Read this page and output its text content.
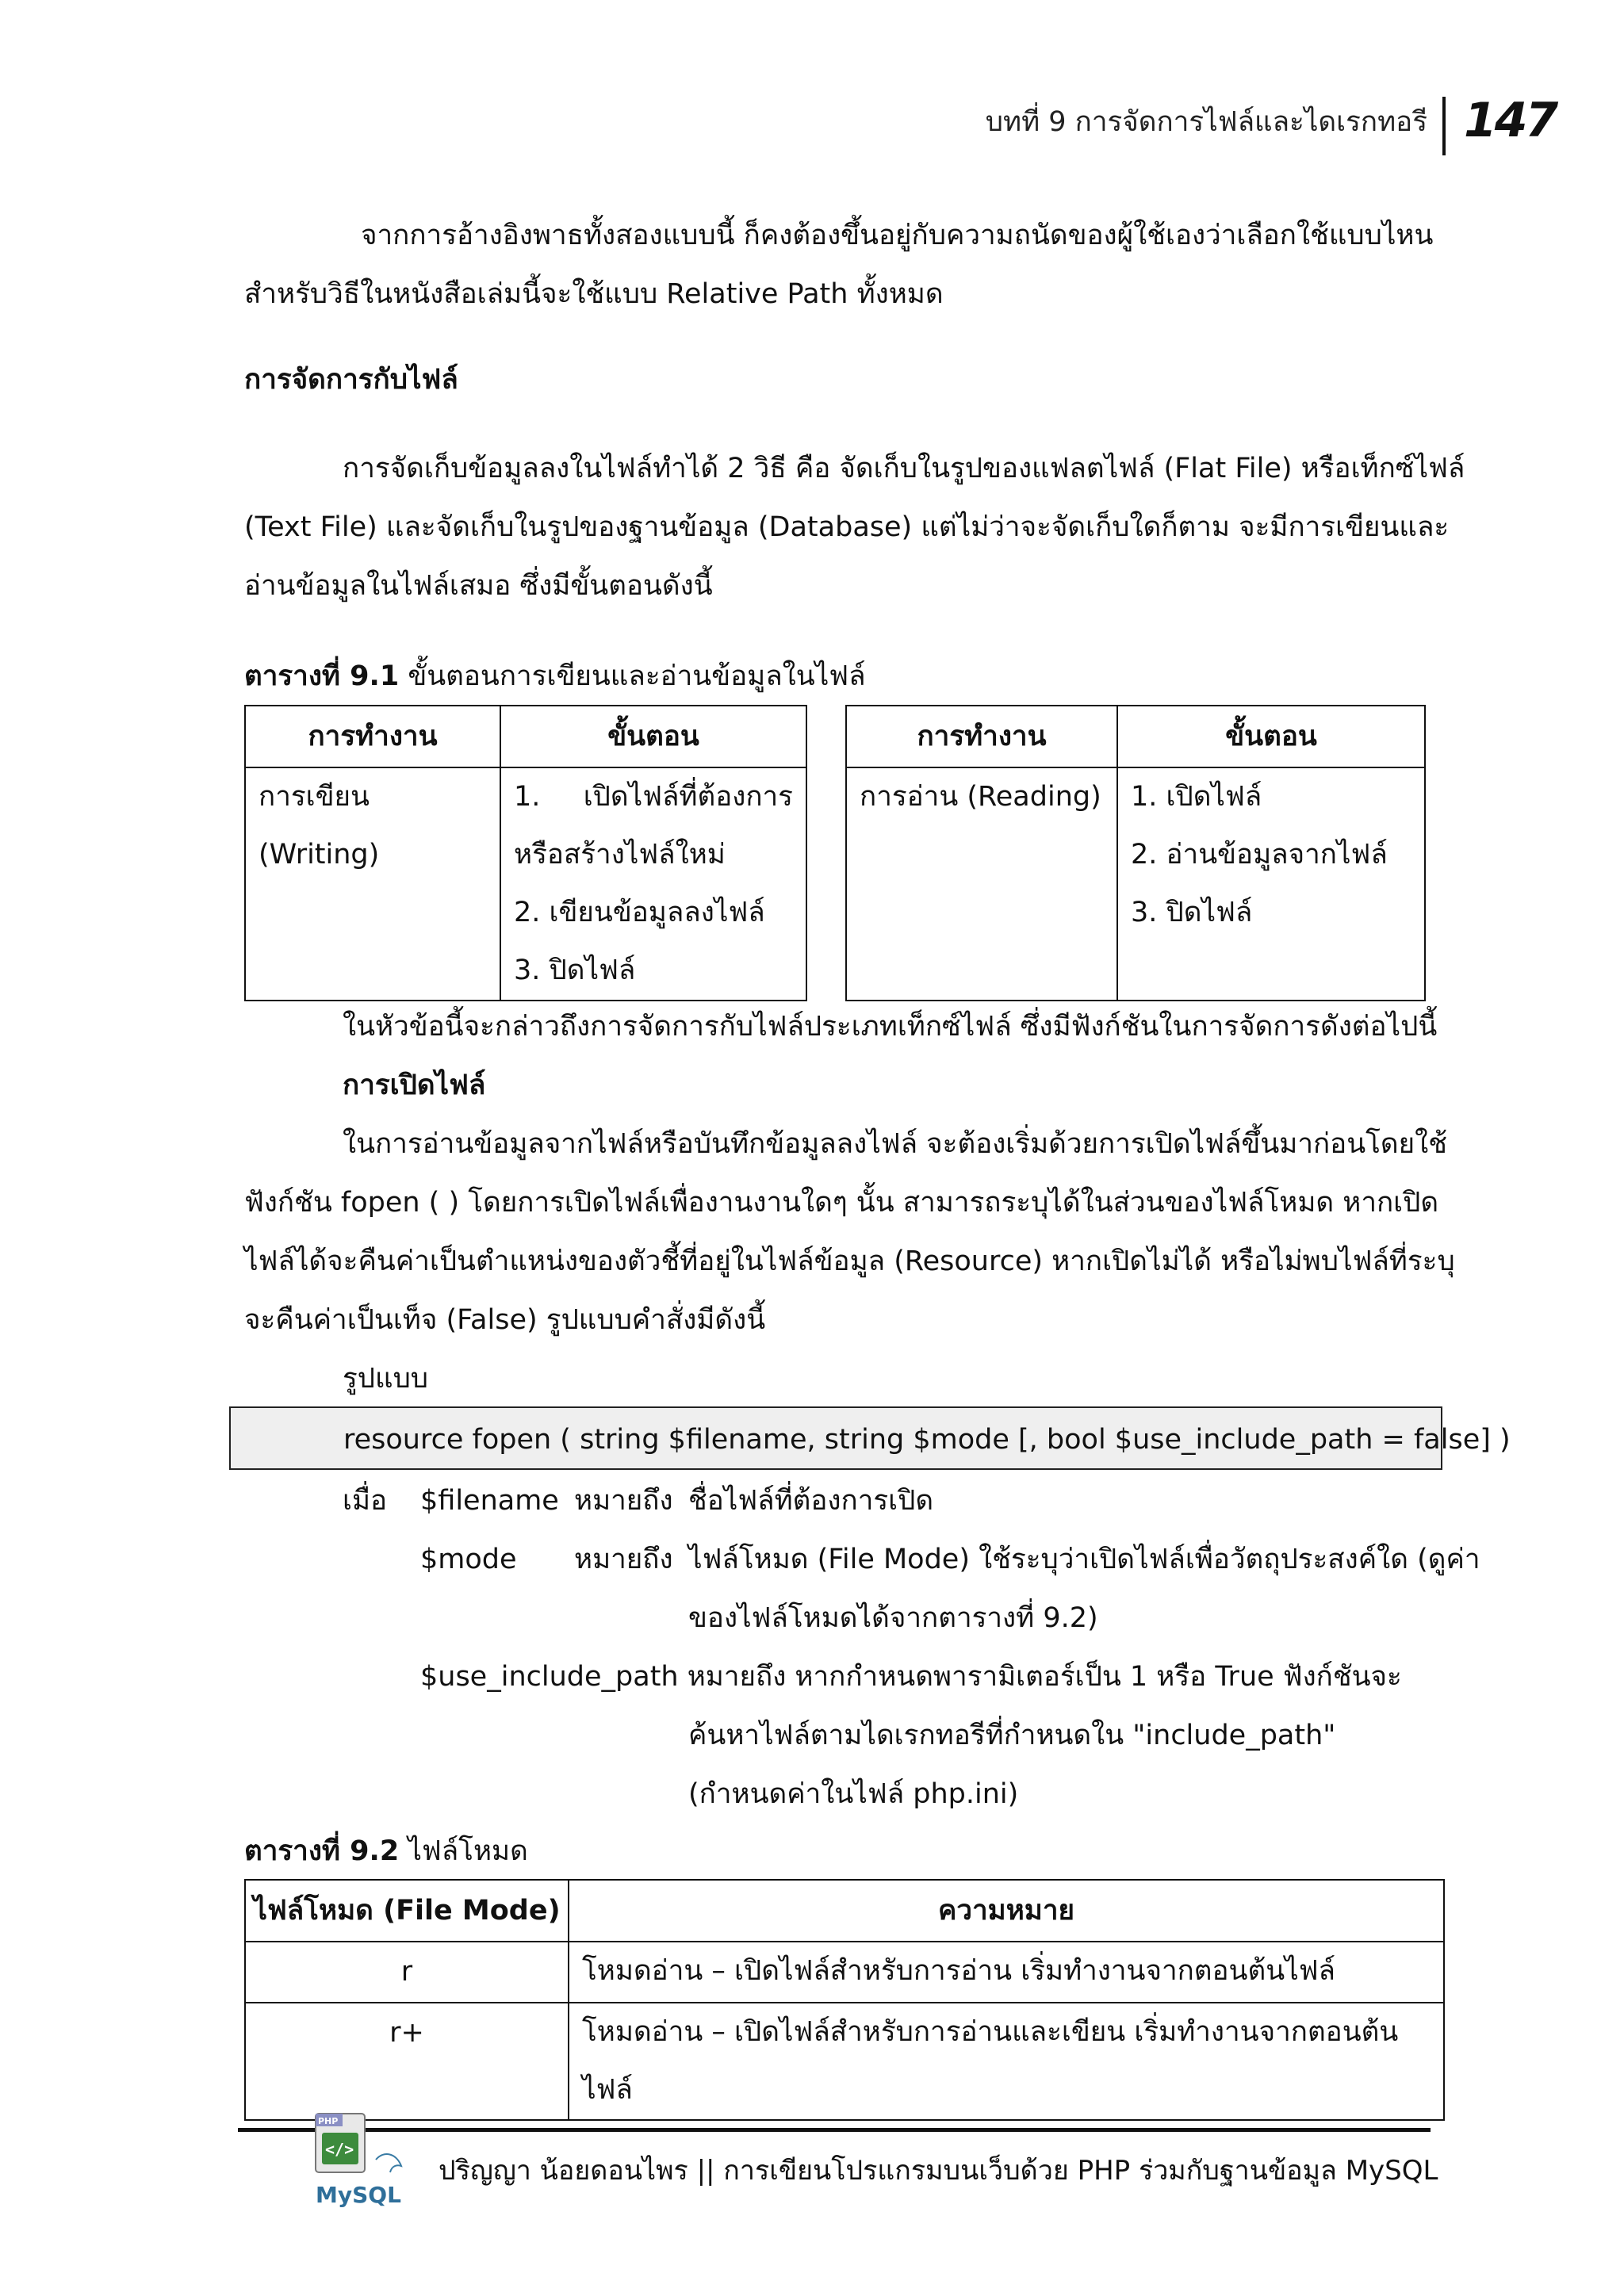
บทที่ 9 การจัดการไฟล์และไดเรกทอรี 147
จากการอ้างอิงพาธทั้งสองแบบนี้ ก็คงต้องขึ้นอยู่กับความถนัดของผู้ใช้เองว่าเลือกใช้แบบไหน
สำหรับวิธีในหนังสือเล่มนี้จะใช้แบบ Relative Path ทั้งหมด
การจัดการกับไฟล์
การจัดเก็บข้อมูลลงในไฟล์ทำได้ 2 วิธี คือ จัดเก็บในรูปของแฟลตไฟล์ (Flat File) หรือเท็กซ์ไฟล์
(Text File) และจัดเก็บในรูปของฐานข้อมูล (Database) แต่ไม่ว่าจะจัดเก็บใดก็ตาม จะมีการเขียนและ
อ่านข้อมูลในไฟล์เสมอ ซึ่งมีขั้นตอนดังนี้
ตารางที่ 9.1 ขั้นตอนการเขียนและอ่านข้อมูลในไฟล์
การทำงาน	ขั้นตอน
การเขียน (Writing)	1. เปิดไฟล์ที่ต้องการ
หรือสร้างไฟล์ใหม่
2. เขียนข้อมูลลงไฟล์
3. ปิดไฟล์
การทำงาน	ขั้นตอน
การอ่าน (Reading)	1. เปิดไฟล์
2. อ่านข้อมูลจากไฟล์
3. ปิดไฟล์
ในหัวข้อนี้จะกล่าวถึงการจัดการกับไฟล์ประเภทเท็กซ์ไฟล์ ซึ่งมีฟังก์ชันในการจัดการดังต่อไปนี้
การเปิดไฟล์
ในการอ่านข้อมูลจากไฟล์หรือบันทึกข้อมูลลงไฟล์ จะต้องเริ่มด้วยการเปิดไฟล์ขึ้นมาก่อนโดยใช้
ฟังก์ชัน fopen ( ) โดยการเปิดไฟล์เพื่องานงานใดๆ นั้น สามารถระบุได้ในส่วนของไฟล์โหมด หากเปิด
ไฟล์ได้จะคืนค่าเป็นตำแหน่งของตัวชี้ที่อยู่ในไฟล์ข้อมูล (Resource) หากเปิดไม่ได้ หรือไม่พบไฟล์ที่ระบุ
จะคืนค่าเป็นเท็จ (False) รูปแบบคำสั่งมีดังนี้
รูปแบบ
resource fopen ( string $filename, string $mode [, bool $use_include_path = false] )
เมื่อ $filename หมายถึง ชื่อไฟล์ที่ต้องการเปิด
$mode หมายถึง ไฟล์โหมด (File Mode) ใช้ระบุว่าเปิดไฟล์เพื่อวัตถุประสงค์ใด (ดูค่า
ของไฟล์โหมดได้จากตารางที่ 9.2)
$use_include_path หมายถึง หากกำหนดพารามิเตอร์เป็น 1 หรือ True ฟังก์ชันจะ
ค้นหาไฟล์ตามไดเรกทอรีที่กำหนดใน "include_path"
(กำหนดค่าในไฟล์ php.ini)
ตารางที่ 9.2 ไฟล์โหมด
ไฟล์โหมด (File Mode)	ความหมาย
r	โหมดอ่าน – เปิดไฟล์สำหรับการอ่าน เริ่มทำงานจากตอนต้นไฟล์
r+	โหมดอ่าน – เปิดไฟล์สำหรับการอ่านและเขียน เริ่มทำงานจากตอนต้นไฟล์
PHP
</>
MySQL
ปริญญา น้อยดอนไพร || การเขียนโปรแกรมบนเว็บด้วย PHP ร่วมกับฐานข้อมูล MySQL
